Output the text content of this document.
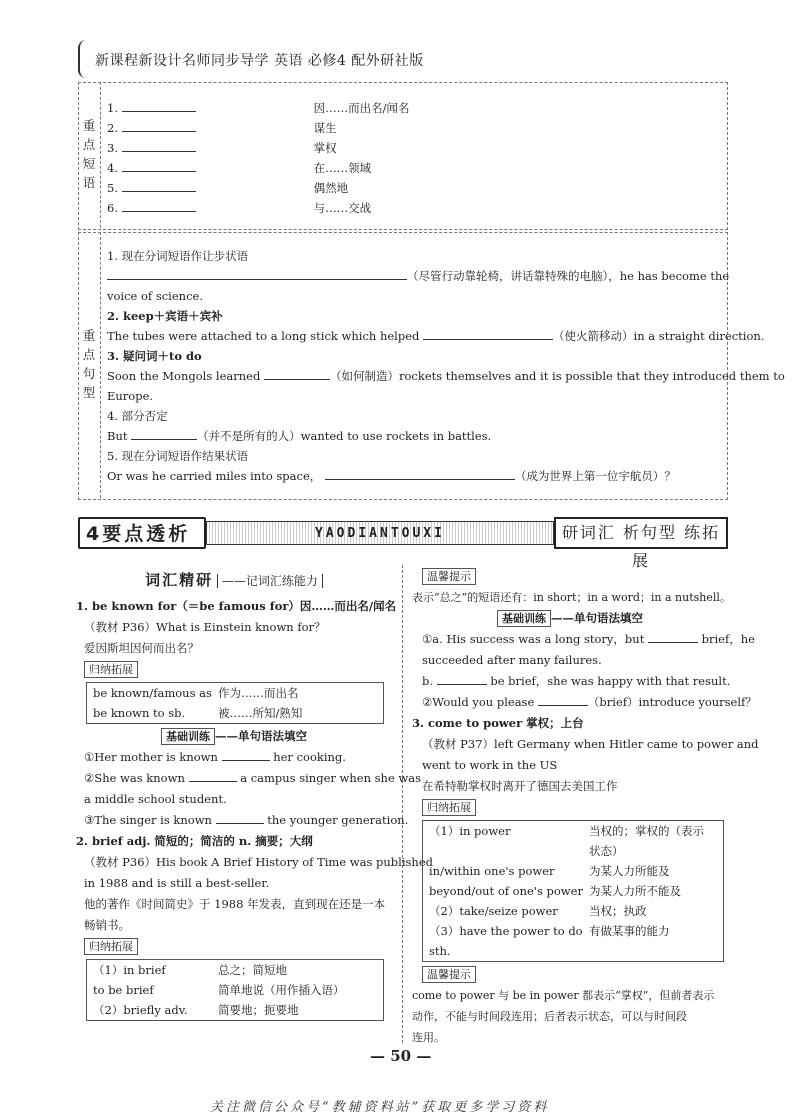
新课程新设计名师同步导学 英语 必修4 配外研社版
重点短语
1.	因……而出名/闻名
2.	谋生
3.	掌权
4.	在……领域
5.	偶然地
6.	与……交战
重点句型
1. 现在分词短语作让步状语
（尽管行动靠轮椅，讲话靠特殊的电脑），he has become the
voice of science.
2. keep＋宾语＋宾补
The tubes were attached to a long stick which helped	（使火箭移动）in a straight direction.
3. 疑问词＋to do
Soon the Mongols learned	（如何制造）rockets themselves and it is possible that they introduced them to
Europe.
4. 部分否定
But	（并不是所有的人）wanted to use rockets in battles.
5. 现在分词短语作结果状语
Or was he carried miles into space，	（成为世界上第一位宇航员）？
4要点透析	YAODIANTOUXI	研词汇 析句型 练拓展
词汇精研 ——记词汇练能力

1. be known for（＝be famous for）因……而出名/闻名

（教材 P36）What is Einstein known for？

爱因斯坦因何而出名？

归纳拓展

be known/famous as 作为……而出名
be known to sb.	被……所知/熟知

基础训练 ——单句语法填空

①Her mother is known	her cooking.

②She was known	a campus singer when she was

a middle school student.

③The singer is known	the younger generation.

2. brief adj. 简短的；简洁的 n. 摘要；大纲

（教材 P36）His book A Brief History of Time was published

in 1988 and is still a best-seller.

他的著作《时间简史》于 1988 年发表，直到现在还是一本

畅销书。

归纳拓展

（1）in brief	总之；简短地
to be brief	简单地说（用作插入语）
（2）briefly adv.	简要地；扼要地

温馨提示

表示“总之”的短语还有：in short；in a word；in a nutshell。

基础训练 ——单句语法填空

①a. His success was a long story，but	brief，he

succeeded after many failures.

b.	be brief，she was happy with that result.

②Would you please	（brief）introduce yourself？

3. come to power 掌权；上台

（教材 P37）left Germany when Hitler came to power and

went to work in the US

在希特勒掌权时离开了德国去美国工作

归纳拓展

（1）in power	当权的；掌权的（表示
状态）
in/within one's power	为某人力所能及
beyond/out of one's power 为某人力所不能及
（2）take/seize power	当权；执政
（3）have the power to do sth.
有做某事的能力

温馨提示

come to power 与 be in power 都表示“掌权”，但前者表示

动作，不能与时间段连用；后者表示状态，可以与时间段

连用。

— 50 —
关注微信公众号“教辅资料站”获取更多学习资料
